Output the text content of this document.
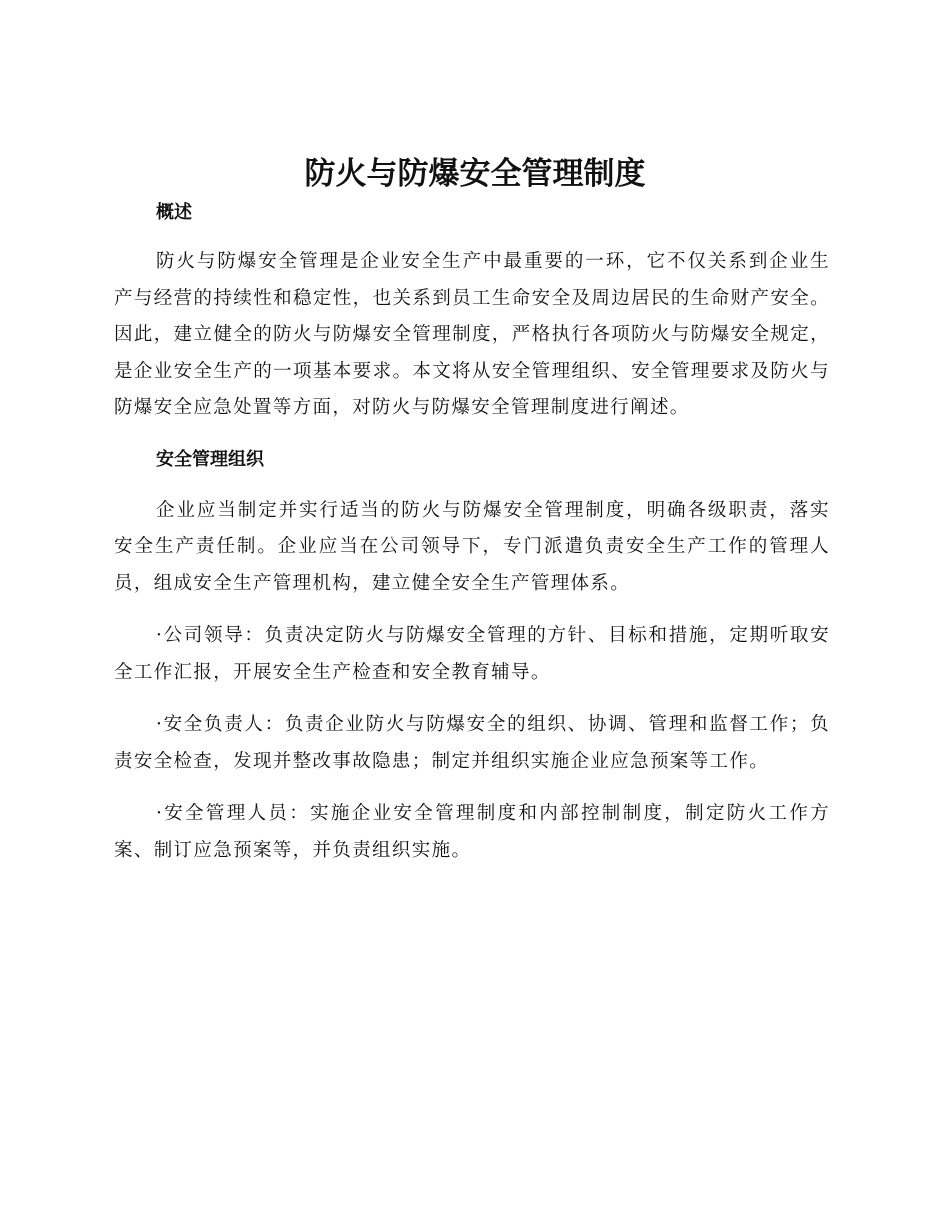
防火与防爆安全管理制度
概述

防火与防爆安全管理是企业安全生产中最重要的一环，它不仅关系到企业生产与经营的持续性和稳定性，也关系到员工生命安全及周边居民的生命财产安全。因此，建立健全的防火与防爆安全管理制度，严格执行各项防火与防爆安全规定，是企业安全生产的一项基本要求。本文将从安全管理组织、安全管理要求及防火与防爆安全应急处置等方面，对防火与防爆安全管理制度进行阐述。

安全管理组织

企业应当制定并实行适当的防火与防爆安全管理制度，明确各级职责，落实安全生产责任制。企业应当在公司领导下，专门派遣负责安全生产工作的管理人员，组成安全生产管理机构，建立健全安全生产管理体系。

·公司领导：负责决定防火与防爆安全管理的方针、目标和措施，定期听取安全工作汇报，开展安全生产检查和安全教育辅导。

·安全负责人：负责企业防火与防爆安全的组织、协调、管理和监督工作；负责安全检查，发现并整改事故隐患；制定并组织实施企业应急预案等工作。

·安全管理人员：实施企业安全管理制度和内部控制制度，制定防火工作方案、制订应急预案等，并负责组织实施。
